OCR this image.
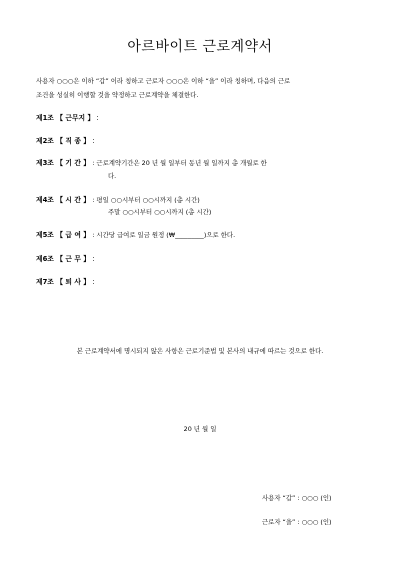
아르바이트 근로계약서
사용자 ○○○은 이하 “갑” 이라 칭하고 근로자 ○○○은 이하 “을” 이라 칭하며, 다음의 근로
조건을 성실히 이행할 것을 약정하고 근로계약을 체결한다.
제1조 【 근무지 】 :
제2조 【 직 종 】 :
제3조 【 기 간 】 : 근로계약기간은 20 년 월 일부터 동년 월 일까지 총 개월로 한
다.
제4조 【 시 간 】 : 평일 ○○시부터 ○○시까지 (총 시간)
주말 ○○시부터 ○○시까지 (총 시간)
제5조 【 급 여 】 : 시간당 급여로 일금 원정 (₩_________)으로 한다.
제6조 【 근 무 】 :
제7조 【 퇴 사 】 :
본 근로계약서에 명시되지 않은 사항은 근로기준법 및 본사의 내규에 따르는 것으로 한다.
20 년 월 일
사용자 “갑” : ○○○ (인)
근로자 “을” : ○○○ (인)
